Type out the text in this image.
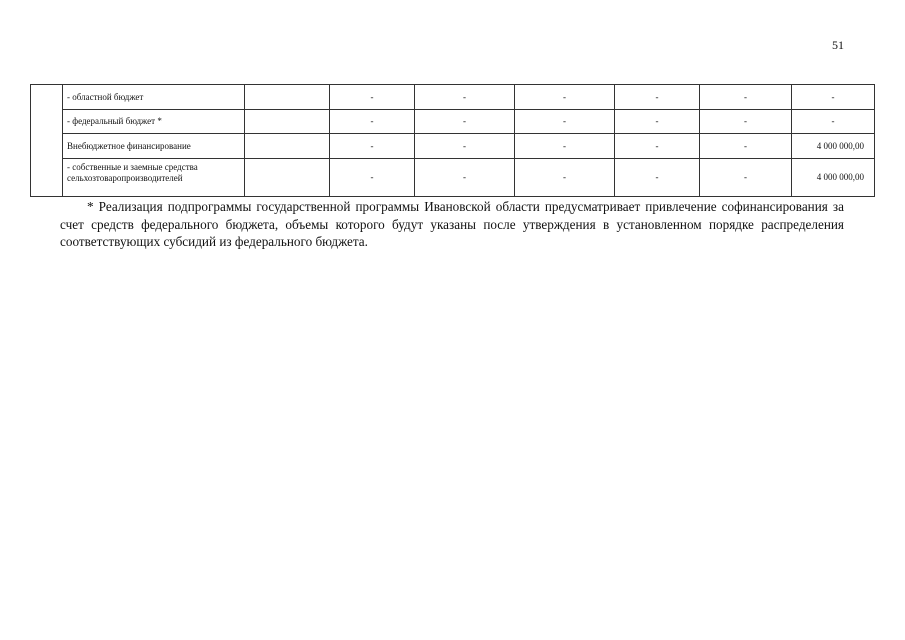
51
	- областной бюджет		-	-	-	-	-	-
	- федеральный бюджет *		-	-	-	-	-	-
	Внебюджетное финансирование		-	-	-	-	-	4 000 000,00
	- собственные и заемные средства сельхозтоваропроизводителей		-	-	-	-	-	4 000 000,00

* Реализация подпрограммы государственной программы Ивановской области предусматривает привлечение софинансирования за счет средств федерального бюджета, объемы которого будут указаны после утверждения в установленном порядке распределения соответствующих субсидий из федерального бюджета.
